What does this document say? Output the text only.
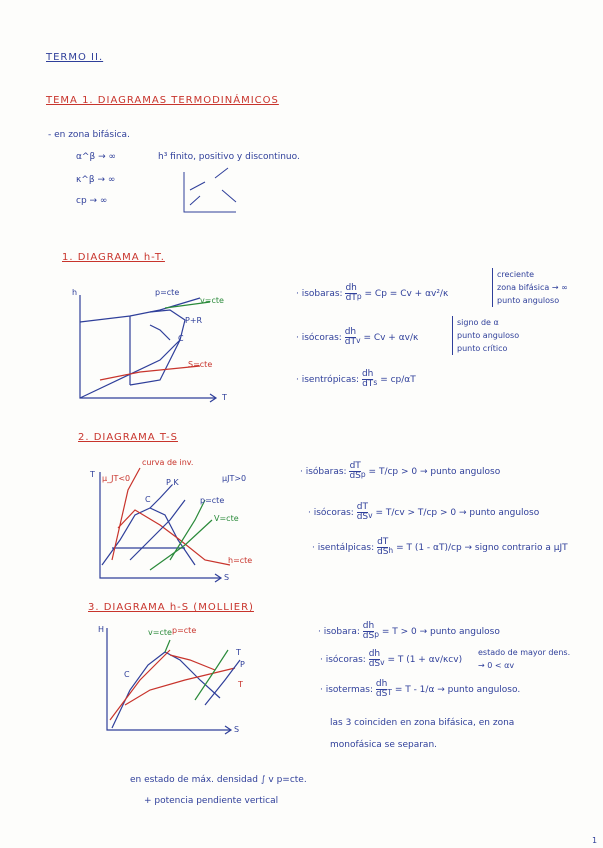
TERMO II.
TEMA 1. DIAGRAMAS TERMODINÁMICOS
- en zona bifásica.
α^β → ∞
κ^β → ∞
cp → ∞
h³ finito, positivo y discontinuo.
1. DIAGRAMA h-T.
h
T
p=cte
v=cte
P+R
C
S=cte
· isobaras: $\frac{dh}{dT} _p = Cp = Cv + \alpha v^2/\kappa$
creciente
zona bifásica → ∞
punto anguloso
· isócoras: $\frac{dh}{dT} _v = Cv + \alpha v/\kappa$
signo de α
punto anguloso
punto crítico
· isentrópicas: $\frac{dh}{dT} _s = cp/\alpha T$
2. DIAGRAMA T-S
T
S
curva de inv.
μ_JT<0
C
P,K
p=cte
V=cte
h=cte
μJT>0
· isóbaras: $\frac{dT}{dS} _p = T/cp > 0$ → punto anguloso
· isócoras: $\frac{dT}{dS} _v = T/cv > T/cp > 0$ → punto anguloso
· isentálpicas: $\frac{dT}{dS} _h = T$ (1 - αT)/cp → signo contrario a μJT
3. DIAGRAMA h-S (MOLLIER)
H
S
v=cte p=cte
T
C
P
T
· isobara: $\frac{dh}{dS} _p = T > 0$ → punto anguloso
· isócoras: $\frac{dh}{dS} _v = T$ (1 + αv/κcv)
estado de mayor dens. → 0 < αv
· isotermas: $\frac{dh}{dS} _T = T - 1/\alpha$ → punto anguloso.
las 3 coinciden en zona bifásica, en zona
monofásica se separan.
en estado de máx. densidad ∫ v p=cte.
+ potencia pendiente vertical
1
